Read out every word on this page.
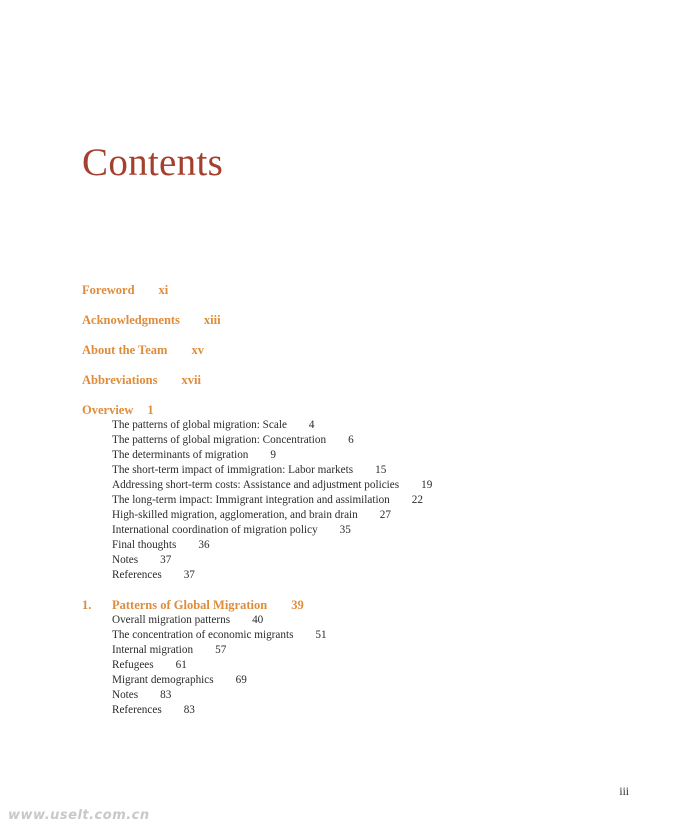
Contents
Foreword xi
Acknowledgments xiii
About the Team xv
Abbreviations xvii
Overview 1
The patterns of global migration: Scale 4
The patterns of global migration: Concentration 6
The determinants of migration 9
The short-term impact of immigration: Labor markets 15
Addressing short-term costs: Assistance and adjustment policies 19
The long-term impact: Immigrant integration and assimilation 22
High-skilled migration, agglomeration, and brain drain 27
International coordination of migration policy 35
Final thoughts 36
Notes 37
References 37
1. Patterns of Global Migration 39
Overall migration patterns 40
The concentration of economic migrants 51
Internal migration 57
Refugees 61
Migrant demographics 69
Notes 83
References 83
iii
www.uselt.com.cn
